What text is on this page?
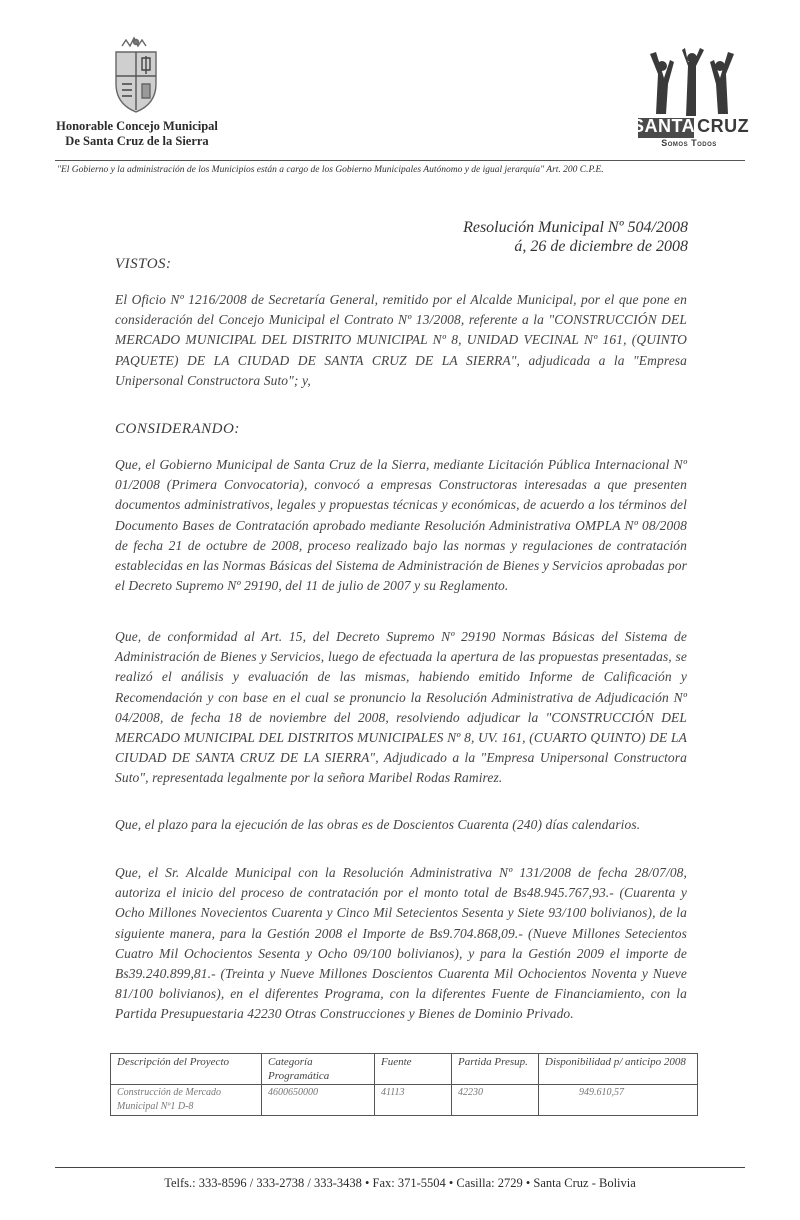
Honorable Concejo Municipal
De Santa Cruz de la Sierra
SANTA CRUZ
Somos Todos
"El Gobierno y la administración de los Municipios están a cargo de los Gobierno Municipales Autónomo y de igual jerarquía" Art. 200 C.P.E.
Resolución Municipal Nº 504/2008
á, 26 de diciembre de 2008
VISTOS:
El Oficio Nº 1216/2008 de Secretaría General, remitido por el Alcalde Municipal, por el que pone en consideración del Concejo Municipal el Contrato Nº 13/2008, referente a la "CONSTRUCCIÓN DEL MERCADO MUNICIPAL DEL DISTRITO MUNICIPAL Nº 8, UNIDAD VECINAL Nº 161, (QUINTO PAQUETE) DE LA CIUDAD DE SANTA CRUZ DE LA SIERRA", adjudicada a la "Empresa Unipersonal Constructora Suto"; y,
CONSIDERANDO:
Que, el Gobierno Municipal de Santa Cruz de la Sierra, mediante Licitación Pública Internacional Nº 01/2008 (Primera Convocatoria), convocó a empresas Constructoras interesadas a que presenten documentos administrativos, legales y propuestas técnicas y económicas, de acuerdo a los términos del Documento Bases de Contratación aprobado mediante Resolución Administrativa OMPLA Nº 08/2008 de fecha 21 de octubre de 2008, proceso realizado bajo las normas y regulaciones de contratación establecidas en las Normas Básicas del Sistema de Administración de Bienes y Servicios aprobadas por el Decreto Supremo Nº 29190, del 11 de julio de 2007 y su Reglamento.
Que, de conformidad al Art. 15, del Decreto Supremo Nº 29190 Normas Básicas del Sistema de Administración de Bienes y Servicios, luego de efectuada la apertura de las propuestas presentadas, se realizó el análisis y evaluación de las mismas, habiendo emitido Informe de Calificación y Recomendación y con base en el cual se pronuncio la Resolución Administrativa de Adjudicación Nº 04/2008, de fecha 18 de noviembre del 2008, resolviendo adjudicar la "CONSTRUCCIÓN DEL MERCADO MUNICIPAL DEL DISTRITOS MUNICIPALES Nº 8, UV. 161, (CUARTO QUINTO) DE LA CIUDAD DE SANTA CRUZ DE LA SIERRA", Adjudicado a la "Empresa Unipersonal Constructora Suto", representada legalmente por la señora Maribel Rodas Ramirez.
Que, el plazo para la ejecución de las obras es de Doscientos Cuarenta (240) días calendarios.
Que, el Sr. Alcalde Municipal con la Resolución Administrativa Nº 131/2008 de fecha 28/07/08, autoriza el inicio del proceso de contratación por el monto total de Bs48.945.767,93.- (Cuarenta y Ocho Millones Novecientos Cuarenta y Cinco Mil Setecientos Sesenta y Siete 93/100 bolivianos), de la siguiente manera, para la Gestión 2008 el Importe de Bs9.704.868,09.- (Nueve Millones Setecientos Cuatro Mil Ochocientos Sesenta y Ocho 09/100 bolivianos), y para la Gestión 2009 el importe de Bs39.240.899,81.- (Treinta y Nueve Millones Doscientos Cuarenta Mil Ochocientos Noventa y Nueve 81/100 bolivianos), en el diferentes Programa, con la diferentes Fuente de Financiamiento, con la Partida Presupuestaria 42230 Otras Construcciones y Bienes de Dominio Privado.
Descripción del Proyecto	Categoría Programática	Fuente	Partida Presup.	Disponibilidad p/ anticipo 2008
Construcción de Mercado Municipal Nº1 D-8	4600650000	41113	42230	949.610,57
Telfs.: 333-8596 / 333-2738 / 333-3438 • Fax: 371-5504 • Casilla: 2729 • Santa Cruz - Bolivia
